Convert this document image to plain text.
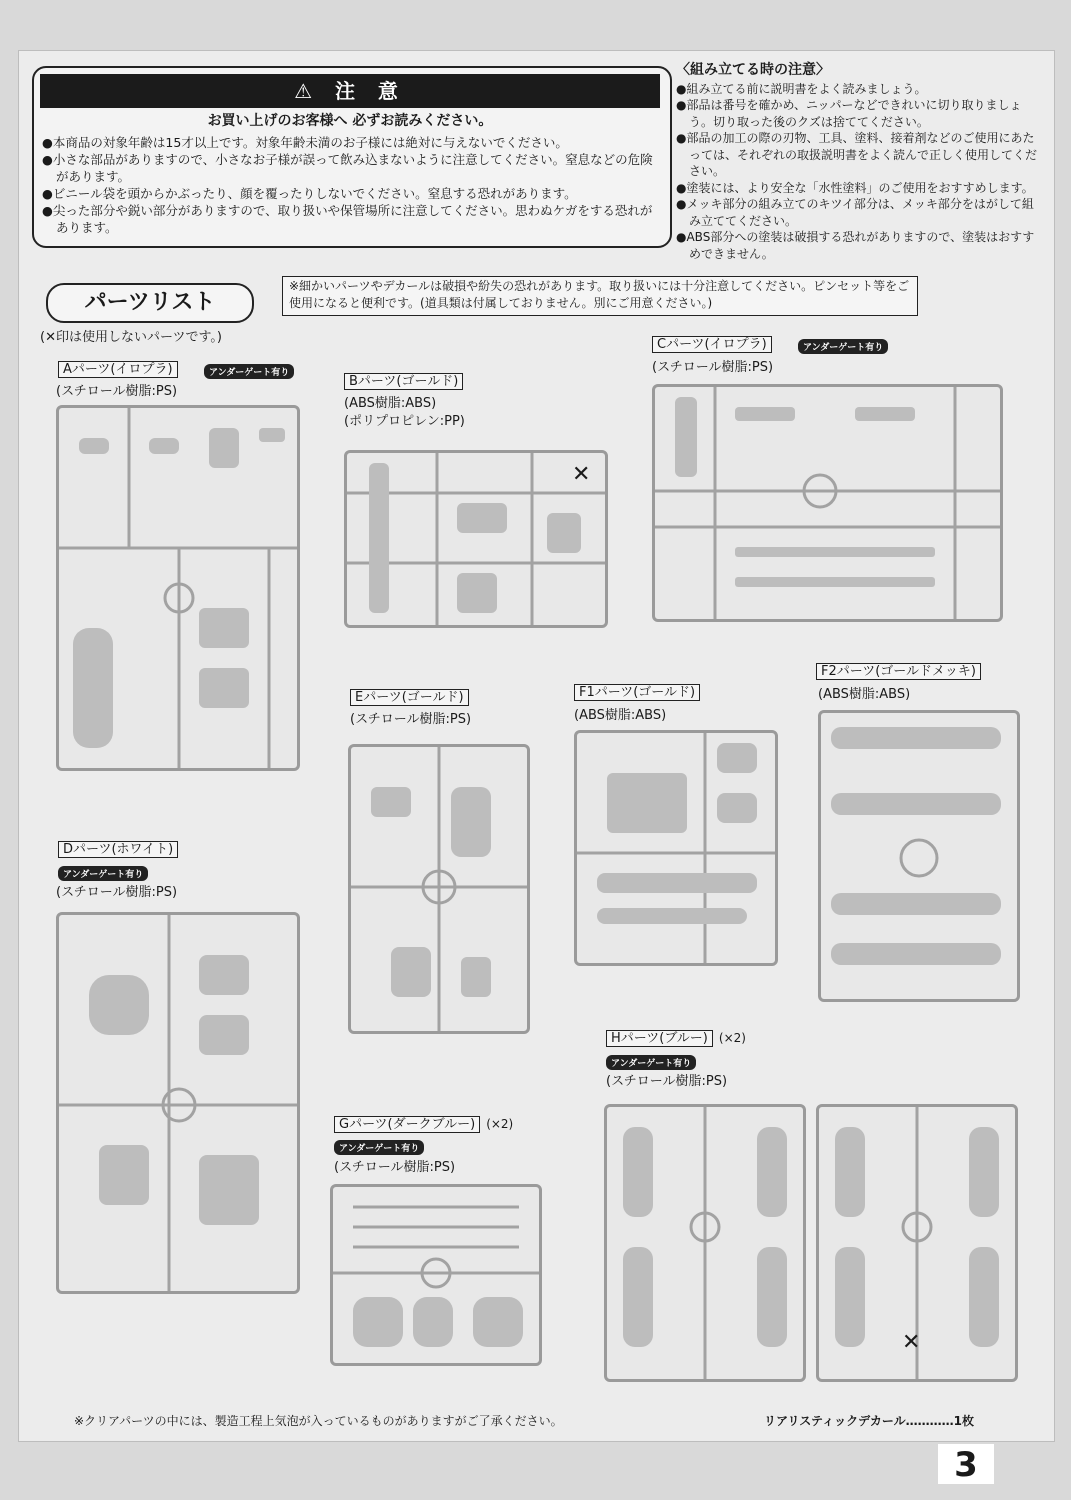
⚠ 注 意
お買い上げのお客様へ 必ずお読みください。
●本商品の対象年齢は15才以上です。対象年齢未満のお子様には絶対に与えないでください。
●小さな部品がありますので、小さなお子様が誤って飲み込まないように注意してください。窒息などの危険があります。
●ビニール袋を頭からかぶったり、顔を覆ったりしないでください。窒息する恐れがあります。
●尖った部分や鋭い部分がありますので、取り扱いや保管場所に注意してください。思わぬケガをする恐れがあります。
〈組み立てる時の注意〉
●組み立てる前に説明書をよく読みましょう。
●部品は番号を確かめ、ニッパーなどできれいに切り取りましょう。切り取った後のクズは捨ててください。
●部品の加工の際の刃物、工具、塗料、接着剤などのご使用にあたっては、それぞれの取扱説明書をよく読んで正しく使用してください。
●塗装には、より安全な「水性塗料」のご使用をおすすめします。
●メッキ部分の組み立てのキツイ部分は、メッキ部分をはがして組み立ててください。
●ABS部分への塗装は破損する恐れがありますので、塗装はおすすめできません。
パーツリスト
※細かいパーツやデカールは破損や紛失の恐れがあります。取り扱いには十分注意してください。ピンセット等をご使用になると便利です。(道具類は付属しておりません。別にご用意ください。)
(✕印は使用しないパーツです。)
Aパーツ(イロプラ)	アンダーゲート有り
(スチロール樹脂:PS)
Bパーツ(ゴールド)
(ABS樹脂:ABS)
(ポリプロピレン:PP)
✕
Cパーツ(イロプラ)	アンダーゲート有り
(スチロール樹脂:PS)
Eパーツ(ゴールド)
(スチロール樹脂:PS)
F1パーツ(ゴールド)
(ABS樹脂:ABS)
F2パーツ(ゴールドメッキ)
(ABS樹脂:ABS)
Dパーツ(ホワイト)
アンダーゲート有り
(スチロール樹脂:PS)
Gパーツ(ダークブルー) (×2)
アンダーゲート有り
(スチロール樹脂:PS)
Hパーツ(ブルー) (×2)
アンダーゲート有り
(スチロール樹脂:PS)
✕
※クリアパーツの中には、製造工程上気泡が入っているものがありますがご了承ください。	リアリスティックデカール…………1枚
3
